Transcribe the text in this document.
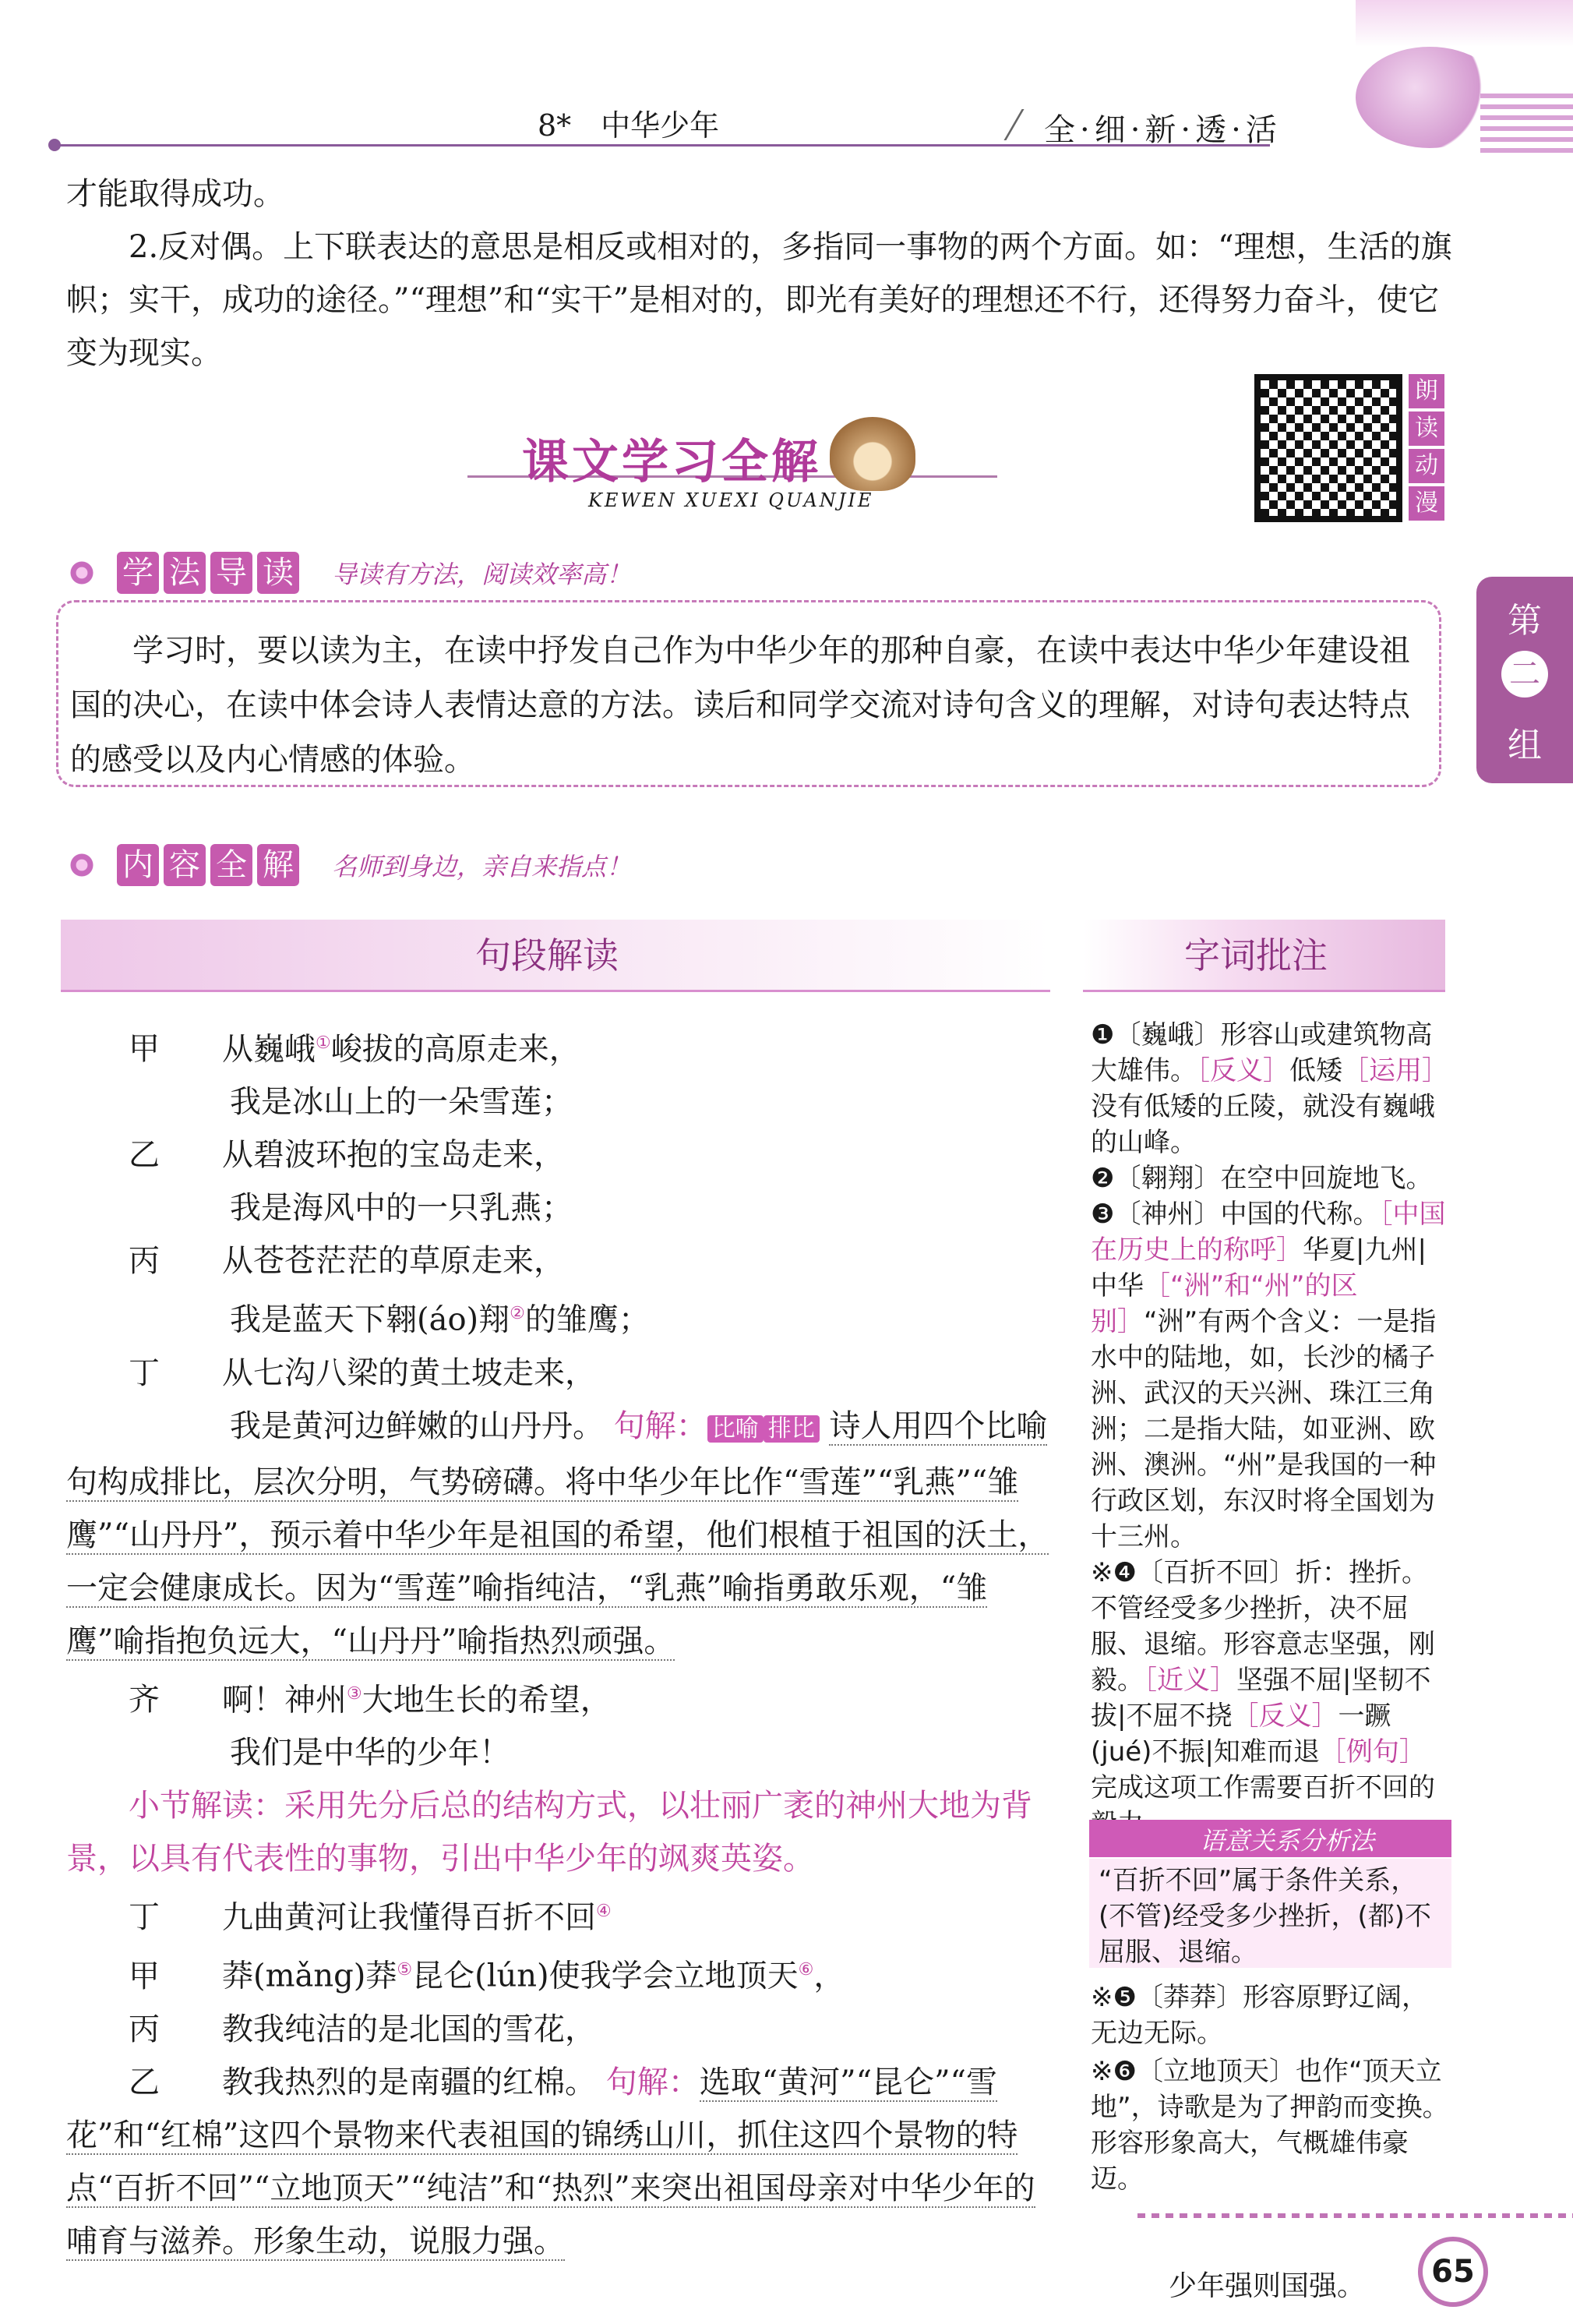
8*　中华少年	全·细·新·透·活
才能取得成功。
2.反对偶。上下联表达的意思是相反或相对的，多指同一事物的两个方面。如：“理想，生活的旗帜；实干，成功的途径。”“理想”和“实干”是相对的，即光有美好的理想还不行，还得努力奋斗，使它变为现实。
课文学习全解
KEWEN XUEXI QUANJIE
朗
读
动
漫
第
二
组
学 法 导 读 导读有方法，阅读效率高！
学习时，要以读为主，在读中抒发自己作为中华少年的那种自豪，在读中表达中华少年建设祖国的决心，在读中体会诗人表情达意的方法。读后和同学交流对诗句含义的理解，对诗句表达特点的感受以及内心情感的体验。
内 容 全 解 名师到身边，亲自来指点！
句段解读	字词批注
甲 从巍峨①峻拔的高原走来，
我是冰山上的一朵雪莲；
乙 从碧波环抱的宝岛走来，
我是海风中的一只乳燕；
丙 从苍苍茫茫的草原走来，
我是蓝天下翱(áo)翔②的雏鹰；
丁 从七沟八梁的黄土坡走来，
我是黄河边鲜嫩的山丹丹。 句解： 比喻 排比 诗人用四个比喻句构成排比，层次分明，气势磅礴。将中华少年比作“雪莲”“乳燕”“雏鹰”“山丹丹”，预示着中华少年是祖国的希望，他们根植于祖国的沃土，一定会健康成长。因为“雪莲”喻指纯洁，“乳燕”喻指勇敢乐观，“雏鹰”喻指抱负远大，“山丹丹”喻指热烈顽强。
齐 啊！神州③大地生长的希望，
我们是中华的少年！
小节解读：采用先分后总的结构方式，以壮丽广袤的神州大地为背景，以具有代表性的事物，引出中华少年的飒爽英姿。
丁 九曲黄河让我懂得百折不回④
甲 莽(mǎng)莽⑤昆仑(lún)使我学会立地顶天⑥，
丙 教我纯洁的是北国的雪花，
乙 教我热烈的是南疆的红棉。 句解：选取“黄河”“昆仑”“雪花”和“红棉”这四个景物来代表祖国的锦绣山川，抓住这四个景物的特点“百折不回”“立地顶天”“纯洁”和“热烈”来突出祖国母亲对中华少年的哺育与滋养。形象生动，说服力强。
❶〔巍峨〕形容山或建筑物高大雄伟。［反义］低矮［运用］没有低矮的丘陵，就没有巍峨的山峰。
❷〔翱翔〕在空中回旋地飞。
❸〔神州〕中国的代称。［中国在历史上的称呼］华夏|九州|中华［“洲”和“州”的区别］“洲”有两个含义：一是指水中的陆地，如，长沙的橘子洲、武汉的天兴洲、珠江三角洲；二是指大陆，如亚洲、欧洲、澳洲。“州”是我国的一种行政区划，东汉时将全国划为十三州。
※❹〔百折不回〕折：挫折。不管经受多少挫折，决不屈服、退缩。形容意志坚强，刚毅。［近义］坚强不屈|坚韧不拔|不屈不挠［反义］一蹶(jué)不振|知难而退［例句］完成这项工作需要百折不回的
语意关系分析法
“百折不回”属于条件关系，(不管)经受多少挫折，(都)不屈服、退缩。
※❺〔莽莽〕形容原野辽阔，无边无际。
※❻〔立地顶天〕也作“顶天立地”，诗歌是为了押韵而变换。形容形象高大，气概雄伟豪迈。
少年强则国强。	65
